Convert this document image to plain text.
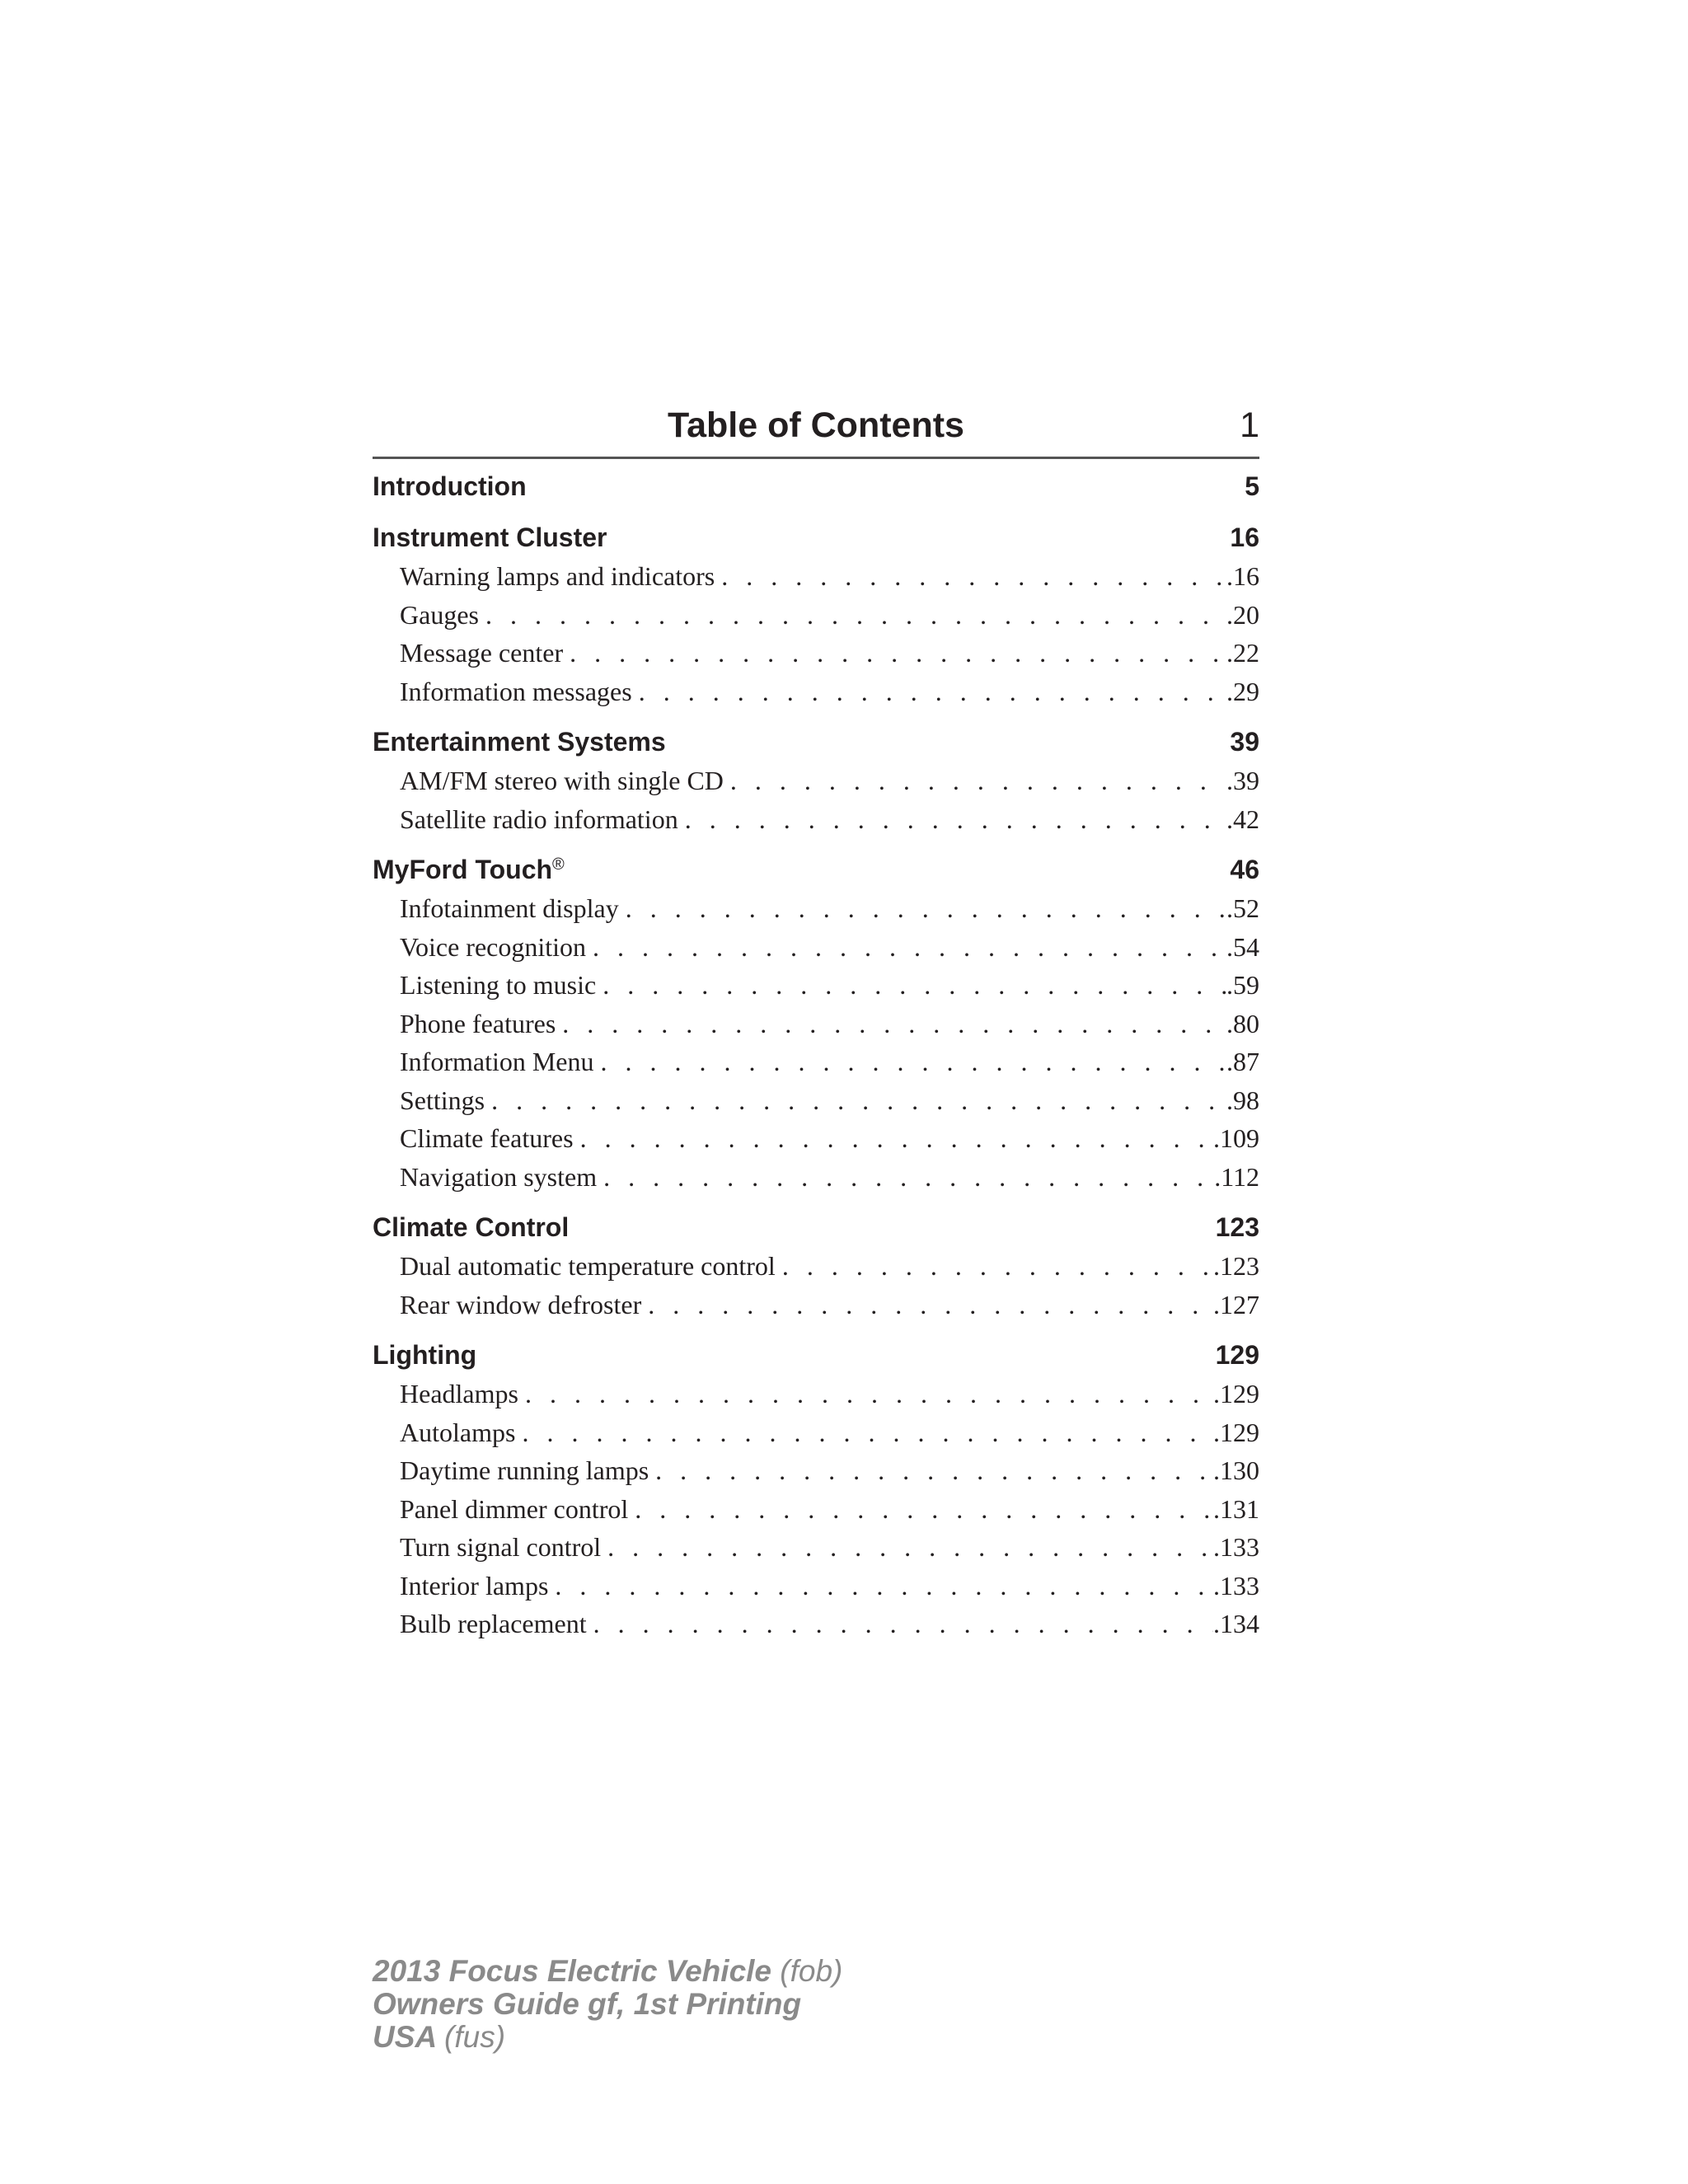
Table of Contents	1
Introduction	5
Instrument Cluster	16
Warning lamps and indicators . . .	.16
Gauges . . .	.20
Message center . . .	.22
Information messages . . .	.29
Entertainment Systems	39
AM/FM stereo with single CD . . .	.39
Satellite radio information . . .	.42
MyFord Touch®	46
Infotainment display . . .	.52
Voice recognition . . .	.54
Listening to music . . .	.59
Phone features . . .	.80
Information Menu . . .	.87
Settings . . .	.98
Climate features . . .	.109
Navigation system . . .	.112
Climate Control	123
Dual automatic temperature control . . .	.123
Rear window defroster . . .	.127
Lighting	129
Headlamps . . .	.129
Autolamps . . .	.129
Daytime running lamps . . .	.130
Panel dimmer control . . .	.131
Turn signal control . . .	.133
Interior lamps . . .	.133
Bulb replacement . . .	.134
2013 Focus Electric Vehicle (fob)
Owners Guide gf, 1st Printing
USA (fus)
